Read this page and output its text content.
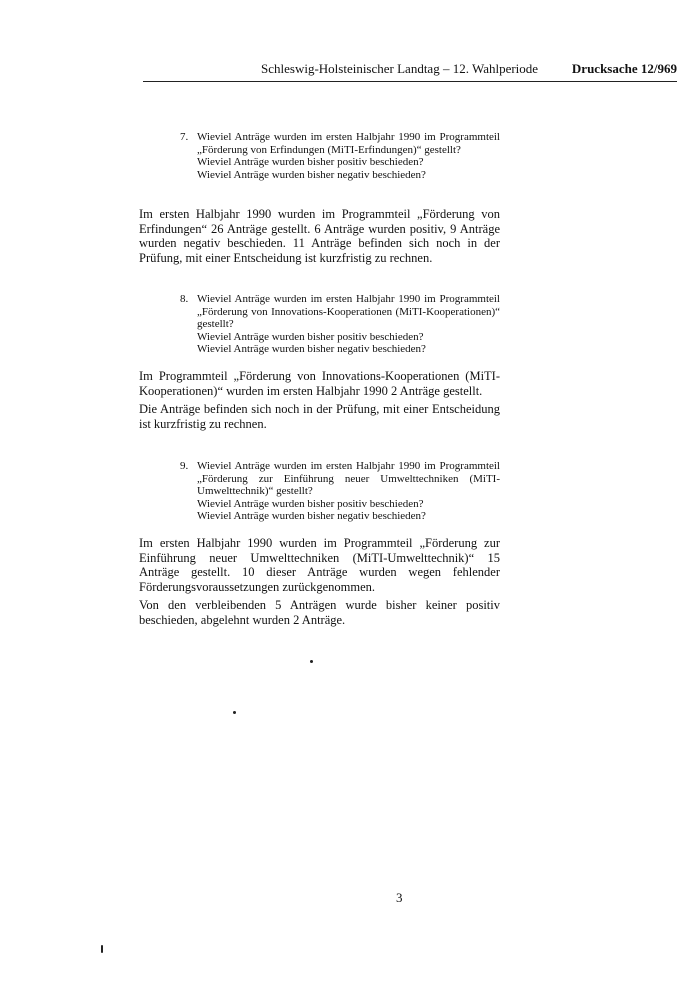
Schleswig-Holsteinischer Landtag – 12. Wahlperiode	Drucksache 12/969
7. Wieviel Anträge wurden im ersten Halbjahr 1990 im Programmteil „Förderung von Erfindungen (MiTI-Erfindungen)“ gestellt?
Wieviel Anträge wurden bisher positiv beschieden?
Wieviel Anträge wurden bisher negativ beschieden?

Im ersten Halbjahr 1990 wurden im Programmteil „Förderung von Erfindungen“ 26 Anträge gestellt. 6 Anträge wurden positiv, 9 Anträge wurden negativ beschieden. 11 Anträge befinden sich noch in der Prüfung, mit einer Entscheidung ist kurzfristig zu rechnen.

8. Wieviel Anträge wurden im ersten Halbjahr 1990 im Programmteil „Förderung von Innovations-Kooperationen (MiTI-Kooperationen)“ gestellt?
Wieviel Anträge wurden bisher positiv beschieden?
Wieviel Anträge wurden bisher negativ beschieden?

Im Programmteil „Förderung von Innovations-Kooperationen (MiTI-Kooperationen)“ wurden im ersten Halbjahr 1990 2 Anträge gestellt.

Die Anträge befinden sich noch in der Prüfung, mit einer Entscheidung ist kurzfristig zu rechnen.

9. Wieviel Anträge wurden im ersten Halbjahr 1990 im Programmteil „Förderung zur Einführung neuer Umwelttechniken (MiTI-Umwelttechnik)“ gestellt?
Wieviel Anträge wurden bisher positiv beschieden?
Wieviel Anträge wurden bisher negativ beschieden?

Im ersten Halbjahr 1990 wurden im Programmteil „Förderung zur Einführung neuer Umwelttechniken (MiTI-Umwelttechnik)“ 15 Anträge gestellt. 10 dieser Anträge wurden wegen fehlender Förderungsvoraussetzungen zurückgenommen.

Von den verbleibenden 5 Anträgen wurde bisher keiner positiv beschieden, abgelehnt wurden 2 Anträge.

3
